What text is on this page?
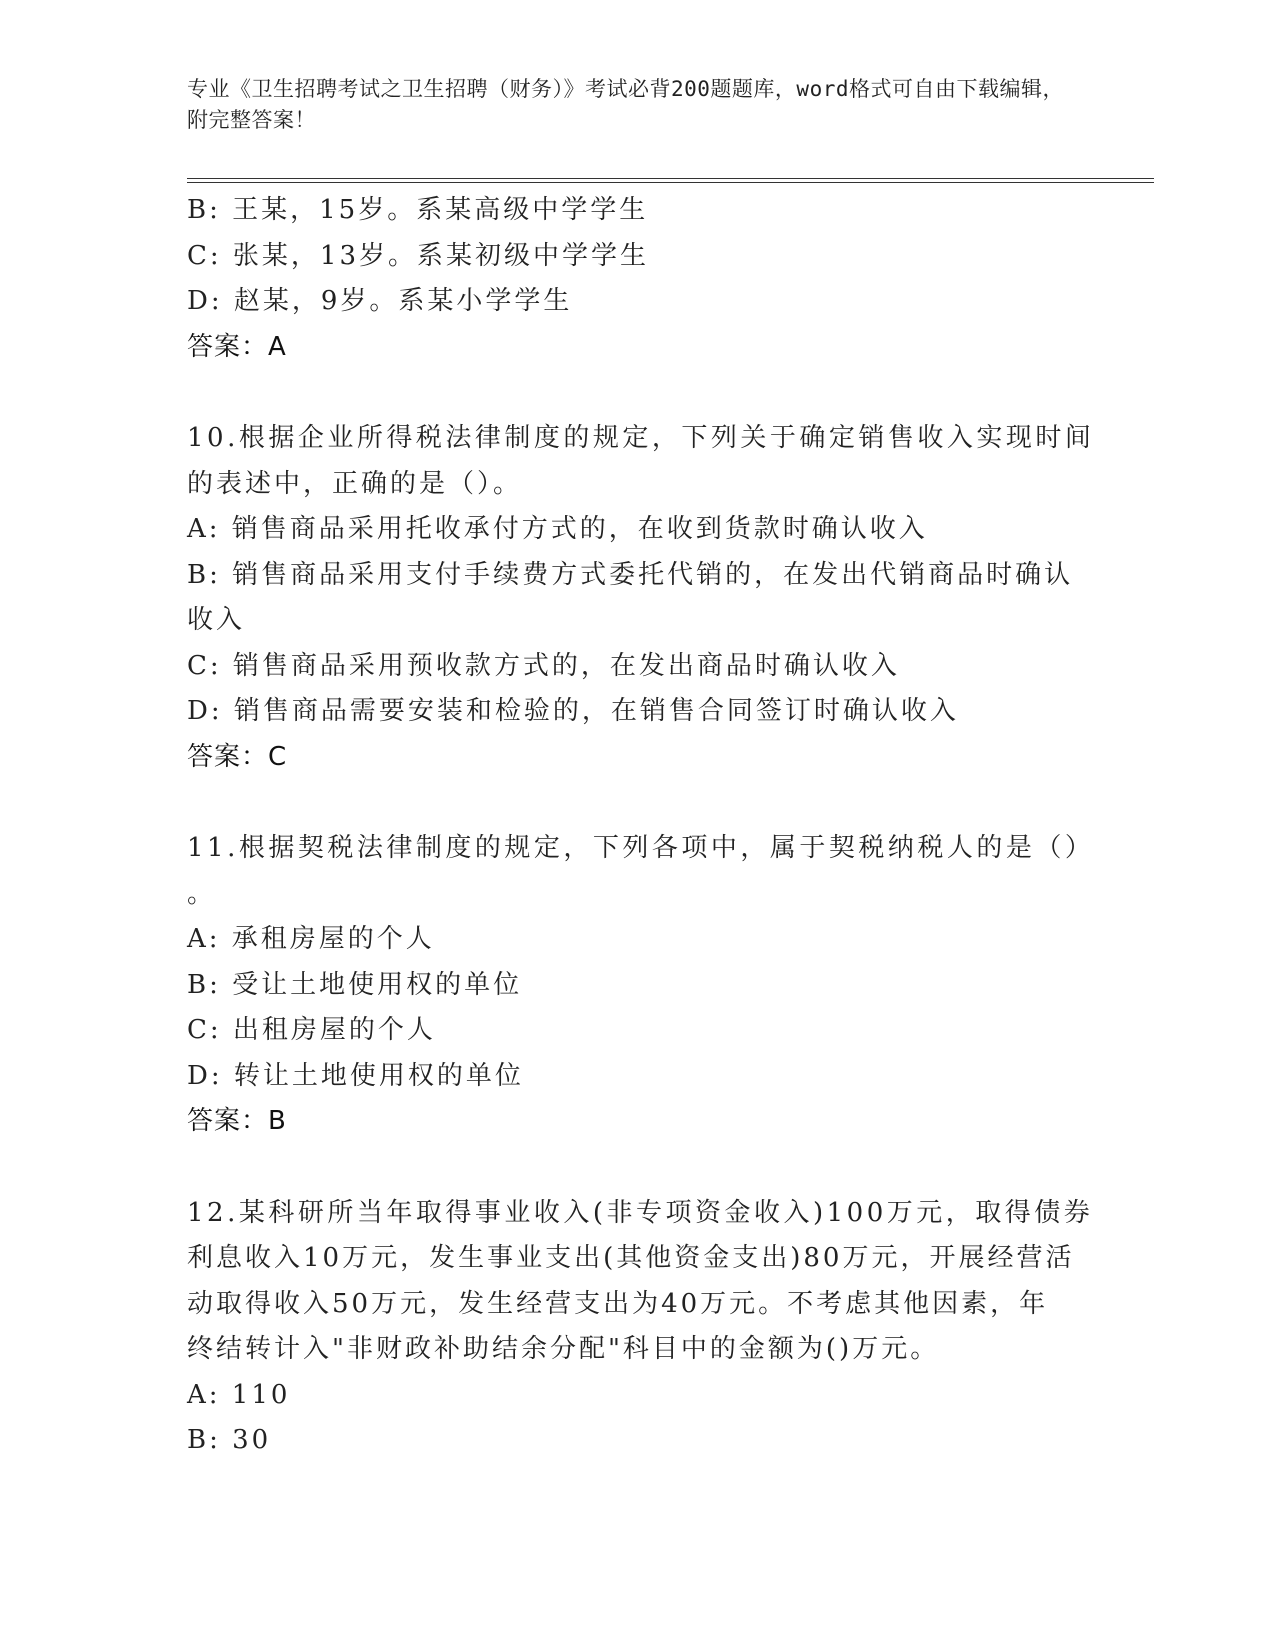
专业《卫生招聘考试之卫生招聘（财务）》考试必背200题题库，word格式可自由下载编辑，附完整答案！
B: 王某，15岁。系某高级中学学生
C: 张某，13岁。系某初级中学学生
D: 赵某，9岁。系某小学学生
答案：A
10.根据企业所得税法律制度的规定，下列关于确定销售收入实现时间
的表述中，正确的是（）。
A: 销售商品采用托收承付方式的，在收到货款时确认收入
B: 销售商品采用支付手续费方式委托代销的，在发出代销商品时确认
收入
C: 销售商品采用预收款方式的，在发出商品时确认收入
D: 销售商品需要安装和检验的，在销售合同签订时确认收入
答案：C
11.根据契税法律制度的规定，下列各项中，属于契税纳税人的是（）
。
A: 承租房屋的个人
B: 受让土地使用权的单位
C: 出租房屋的个人
D: 转让土地使用权的单位
答案：B
12.某科研所当年取得事业收入(非专项资金收入)100万元，取得债券
利息收入10万元，发生事业支出(其他资金支出)80万元，开展经营活
动取得收入50万元，发生经营支出为40万元。不考虑其他因素，年
终结转计入"非财政补助结余分配"科目中的金额为()万元。
A: 110
B: 30
